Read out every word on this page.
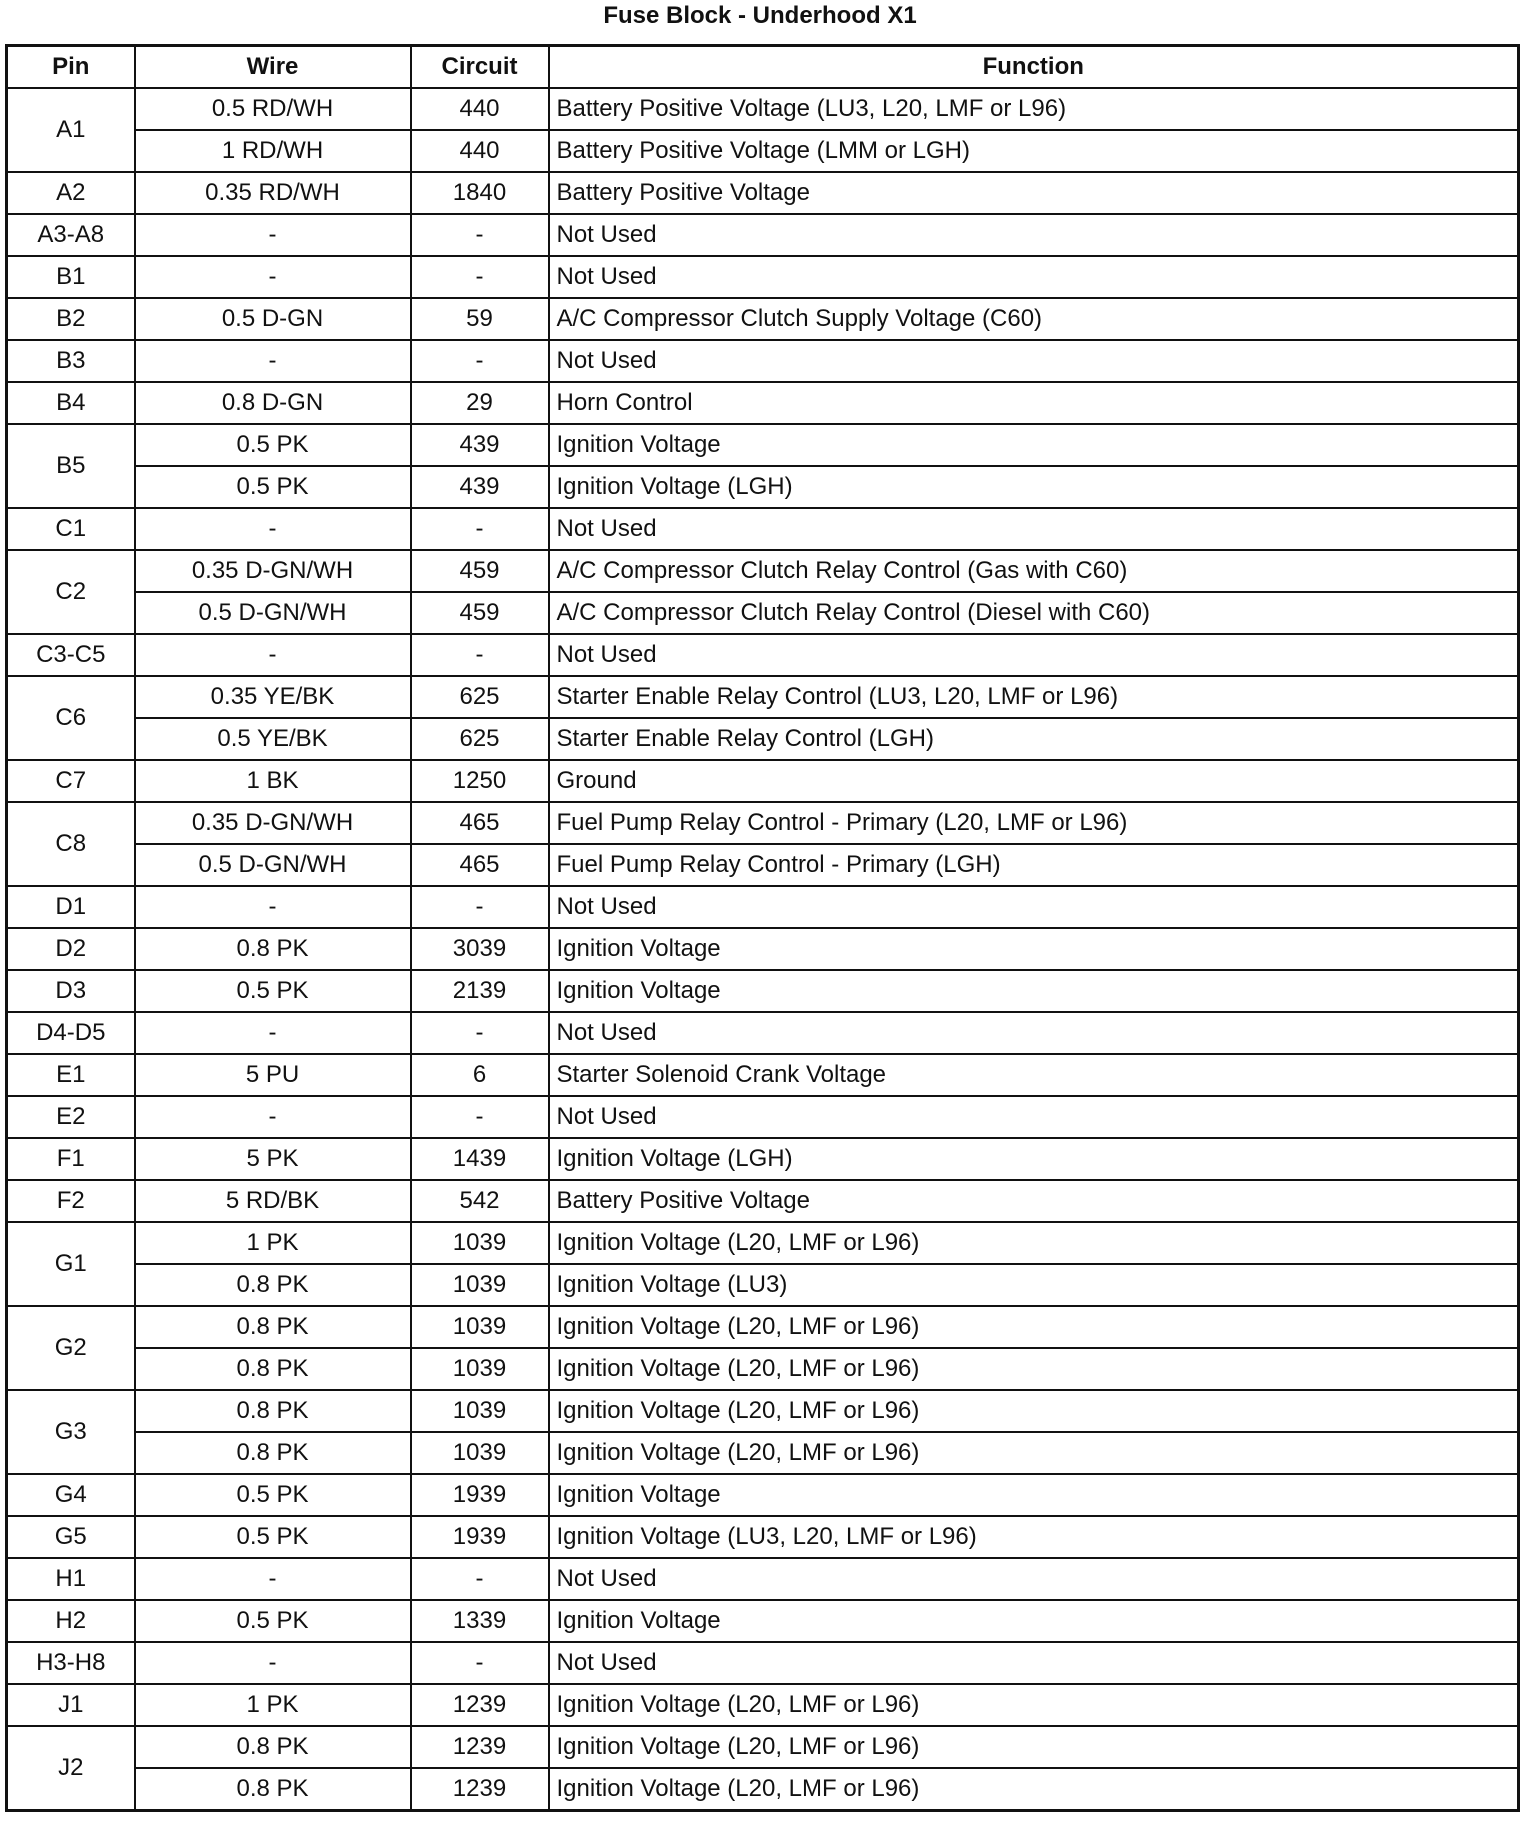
Fuse Block - Underhood X1
Pin	Wire	Circuit	Function
A1	0.5 RD/WH	440	Battery Positive Voltage (LU3, L20, LMF or L96)
	1 RD/WH	440	Battery Positive Voltage (LMM or LGH)
A2	0.35 RD/WH	1840	Battery Positive Voltage
A3-A8	-	-	Not Used
B1	-	-	Not Used
B2	0.5 D-GN	59	A/C Compressor Clutch Supply Voltage (C60)
B3	-	-	Not Used
B4	0.8 D-GN	29	Horn Control
B5	0.5 PK	439	Ignition Voltage
	0.5 PK	439	Ignition Voltage (LGH)
C1	-	-	Not Used
C2	0.35 D-GN/WH	459	A/C Compressor Clutch Relay Control (Gas with C60)
	0.5 D-GN/WH	459	A/C Compressor Clutch Relay Control (Diesel with C60)
C3-C5	-	-	Not Used
C6	0.35 YE/BK	625	Starter Enable Relay Control (LU3, L20, LMF or L96)
	0.5 YE/BK	625	Starter Enable Relay Control (LGH)
C7	1 BK	1250	Ground
C8	0.35 D-GN/WH	465	Fuel Pump Relay Control - Primary (L20, LMF or L96)
	0.5 D-GN/WH	465	Fuel Pump Relay Control - Primary (LGH)
D1	-	-	Not Used
D2	0.8 PK	3039	Ignition Voltage
D3	0.5 PK	2139	Ignition Voltage
D4-D5	-	-	Not Used
E1	5 PU	6	Starter Solenoid Crank Voltage
E2	-	-	Not Used
F1	5 PK	1439	Ignition Voltage (LGH)
F2	5 RD/BK	542	Battery Positive Voltage
G1	1 PK	1039	Ignition Voltage (L20, LMF or L96)
	0.8 PK	1039	Ignition Voltage (LU3)
G2	0.8 PK	1039	Ignition Voltage (L20, LMF or L96)
	0.8 PK	1039	Ignition Voltage (L20, LMF or L96)
G3	0.8 PK	1039	Ignition Voltage (L20, LMF or L96)
	0.8 PK	1039	Ignition Voltage (L20, LMF or L96)
G4	0.5 PK	1939	Ignition Voltage
G5	0.5 PK	1939	Ignition Voltage (LU3, L20, LMF or L96)
H1	-	-	Not Used
H2	0.5 PK	1339	Ignition Voltage
H3-H8	-	-	Not Used
J1	1 PK	1239	Ignition Voltage (L20, LMF or L96)
J2	0.8 PK	1239	Ignition Voltage (L20, LMF or L96)
	0.8 PK	1239	Ignition Voltage (L20, LMF or L96)
